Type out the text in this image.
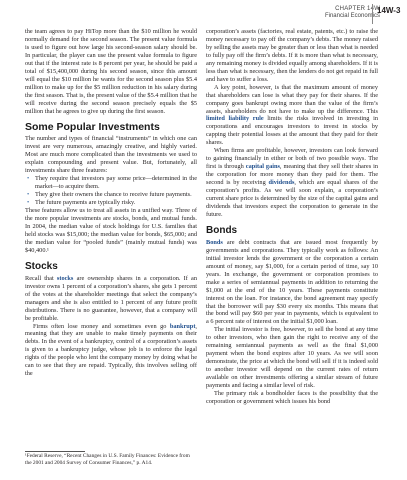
CHAPTER 14W
Financial Economics
14W-3

the team agrees to pay HiTop more than the $10 million he would normally demand for the second season. The present value formula is used to figure out how large his second-season salary should be. In particular, the player can use the present value formula to figure out that if the interest rate is 8 percent per year, he should be paid a total of $15,400,000 during his second season, since this amount will equal the $10 million he wants for the second season plus $5.4 million to make up for the $5 million reduction in his salary during the first season. That is, the present value of the $5.4 million that he will receive during the second season precisely equals the $5 million that he agrees to give up during the first season.

Some Popular Investments

The number and types of financial “instruments” in which one can invest are very numerous, amazingly creative, and highly varied. Most are much more complicated than the investments we used to explain compounding and present value. But, fortunately, all investments share three features:

• They require that investors pay some price—determined in the market—to acquire them.
• They give their owners the chance to receive future payments.
• The future payments are typically risky.

These features allow us to treat all assets in a unified way. Three of the more popular investments are stocks, bonds, and mutual funds. In 2004, the median value of stock holdings for U.S. families that held stocks was $15,000; the median value for bonds, $65,000; and the median value for “pooled funds” (mainly mutual funds) was $40,400.¹

Stocks

Recall that stocks are ownership shares in a corporation. If an investor owns 1 percent of a corporation’s shares, she gets 1 percent of the votes at the shareholder meetings that select the company’s managers and she is also entitled to 1 percent of any future profit distributions. There is no guarantee, however, that a company will be profitable.

Firms often lose money and sometimes even go bankrupt, meaning that they are unable to make timely payments on their debts. In the event of a bankruptcy, control of a corporation’s assets is given to a bankruptcy judge, whose job is to enforce the legal rights of the people who lent the company money by doing what he can to see that they are repaid. Typically, this involves selling off the

¹Federal Reserve, “Recent Changes in U.S. Family Finances: Evidence from the 2001 and 2004 Survey of Consumer Finances,” p. A14.

corporation’s assets (factories, real estate, patents, etc.) to raise the money necessary to pay off the company’s debts. The money raised by selling the assets may be greater than or less than what is needed to fully pay off the firm’s debts. If it is more than what is necessary, any remaining money is divided equally among shareholders. If it is less than what is necessary, then the lenders do not get repaid in full and have to suffer a loss.

A key point, however, is that the maximum amount of money that shareholders can lose is what they pay for their shares. If the company goes bankrupt owing more than the value of the firm’s assets, shareholders do not have to make up the difference. This limited liability rule limits the risks involved in investing in corporations and encourages investors to invest in stocks by capping their potential losses at the amount that they paid for their shares.

When firms are profitable, however, investors can look forward to gaining financially in either or both of two possible ways. The first is through capital gains, meaning that they sell their shares in the corporation for more money than they paid for them. The second is by receiving dividends, which are equal shares of the corporation’s profits. As we will soon explain, a corporation’s current share price is determined by the size of the capital gains and dividends that investors expect the corporation to generate in the future.

Bonds

Bonds are debt contracts that are issued most frequently by governments and corporations. They typically work as follows: An initial investor lends the government or the corporation a certain amount of money, say $1,000, for a certain period of time, say 10 years. In exchange, the government or corporation promises to make a series of semiannual payments in addition to returning the $1,000 at the end of the 10 years. These payments constitute interest on the loan. For instance, the bond agreement may specify that the borrower will pay $30 every six months. This means that the bond will pay $60 per year in payments, which is equivalent to a 6 percent rate of interest on the initial $1,000 loan.

The initial investor is free, however, to sell the bond at any time to other investors, who then gain the right to receive any of the remaining semiannual payments as well as the final $1,000 payment when the bond expires after 10 years. As we will soon demonstrate, the price at which the bond will sell if it is indeed sold to another investor will depend on the current rates of return available on other investments offering a similar stream of future payments and facing a similar level of risk.

The primary risk a bondholder faces is the possibility that the corporation or government which issues his bond
